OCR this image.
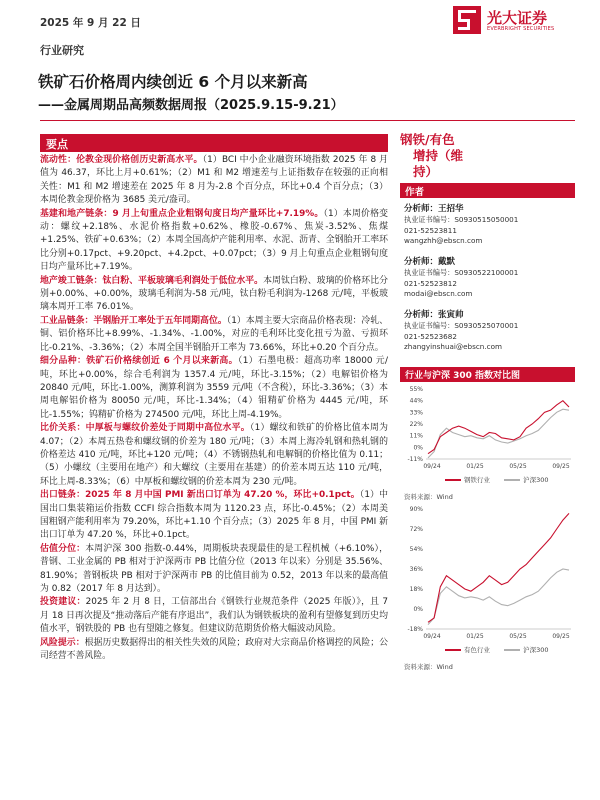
2025 年 9 月 22 日	光大证券
EVERBRIGHT SECURITIES
行业研究
铁矿石价格周内续创近 6 个月以来新高
——金属周期品高频数据周报（2025.9.15-9.21）
要点

流动性：伦教金现价格创历史新高水平。（1）BCI 中小企业融资环境指数 2025 年 8 月值为 46.37，环比上月+0.61%；（2）M1 和 M2 增速差与上证指数存在较强的正向相关性：M1 和 M2 增速差在 2025 年 8 月为-2.8 个百分点，环比+0.4 个百分点；（3）本周伦教金现价格为 3685 美元/盎司。

基建和地产链条：9 月上旬重点企业粗钢旬度日均产量环比+7.19%。（1）本周价格变动：螺纹+2.18%、水泥价格指数+0.62%、橡胶-0.67%、焦炭-3.52%、焦煤+1.25%、铁矿+0.63%；（2）本周全国高炉产能利用率、水泥、沥青、全钢胎开工率环比分别+0.17pct、+9.20pct、+4.2pct、+0.07pct；（3）9 月上旬重点企业粗钢旬度日均产量环比+7.19%。

地产竣工链条：钛白粉、平板玻璃毛利润处于低位水平。本周钛白粉、玻璃的价格环比分别+0.00%、+0.00%，玻璃毛利润为-58 元/吨，钛白粉毛利润为-1268 元/吨，平板玻璃本周开工率 76.01%。

工业品链条：半钢胎开工率处于五年同期高位。（1）本周主要大宗商品价格表现：冷轧、铜、铝价格环比+8.99%、-1.34%、-1.00%，对应的毛利环比变化扭亏为盈、亏损环比-0.21%、-3.36%；（2）本周全国半钢胎开工率为 73.66%，环比+0.20 个百分点。

细分品种：铁矿石价格续创近 6 个月以来新高。（1）石墨电极：超高功率 18000 元/吨，环比+0.00%，综合毛利润为 1357.4 元/吨，环比-3.15%；（2）电解铝价格为 20840 元/吨，环比-1.00%，测算利润为 3559 元/吨（不含税），环比-3.36%；（3）本周电解铝价格为 80050 元/吨，环比-1.34%；（4）钼精矿价格为 4445 元/吨，环比-1.55%；钨精矿价格为 274500 元/吨，环比上周-4.19%。

比价关系：中厚板与螺纹价差处于同期中高位水平。（1）螺纹和铁矿的价格比值本周为 4.07；（2）本周五热卷和螺纹钢的价差为 180 元/吨；（3）本周上海冷轧钢和热轧钢的价格差达 410 元/吨，环比+120 元/吨；（4）不锈钢热轧和电解铜的价格比值为 0.11；（5）小螺纹（主要用在地产）和大螺纹（主要用在基建）的价差本周五达 110 元/吨，环比上周-8.33%；（6）中厚板和螺纹钢的价差本周为 230 元/吨。

出口链条：2025 年 8 月中国 PMI 新出口订单为 47.20 %，环比+0.1pct。（1）中国出口集装箱运价指数 CCFI 综合指数本周为 1120.23 点，环比-0.45%；（2）本周美国粗钢产能利用率为 79.20%，环比+1.10 个百分点；（3）2025 年 8 月，中国 PMI 新出口订单为 47.20 %，环比+0.1pct。

估值分位：本周沪深 300 指数-0.44%，周期板块表现最佳的是工程机械（+6.10%），普钢、工业金属的 PB 相对于沪深两市 PB 比值分位（2013 年以来）分别是 35.56%、81.90%；普钢板块 PB 相对于沪深两市 PB 的比值目前为 0.52，2013 年以来的最高值为 0.82（2017 年 8 月达到）。

投资建议：2025 年 2 月 8 日，工信部出台《钢铁行业规范条件（2025 年版）》，且 7 月 18 日再次提及“推动落后产能有序退出”，我们认为钢铁板块的盈利有望修复到历史均值水平，钢铁股的 PB 也有望随之修复。但建议防范期货价格大幅波动风险。

风险提示：根据历史数据得出的相关性失效的风险；政府对大宗商品价格调控的风险；公司经营不善风险。

钢铁/有色
增持（维持）
作者
分析师：王招华
执业证书编号：S0930515050001
021-52523811
wangzhh@ebscn.com
分析师：戴默
执业证书编号：S0930522100001
021-52523812
modai@ebscn.com
分析师：张寅帅
执业证书编号：S0930525070001
021-52523682
zhangyinshuai@ebscn.com
行业与沪深 300 指数对比图
-11%
0%
11%
22%
33%
44%
55%
09/24	01/25	05/25	09/25
钢铁行业	沪深300
资料来源：Wind
-18%
0%
18%
36%
54%
72%
90%
09/24	01/25	05/25	09/25
有色行业	沪深300
资料来源：Wind
